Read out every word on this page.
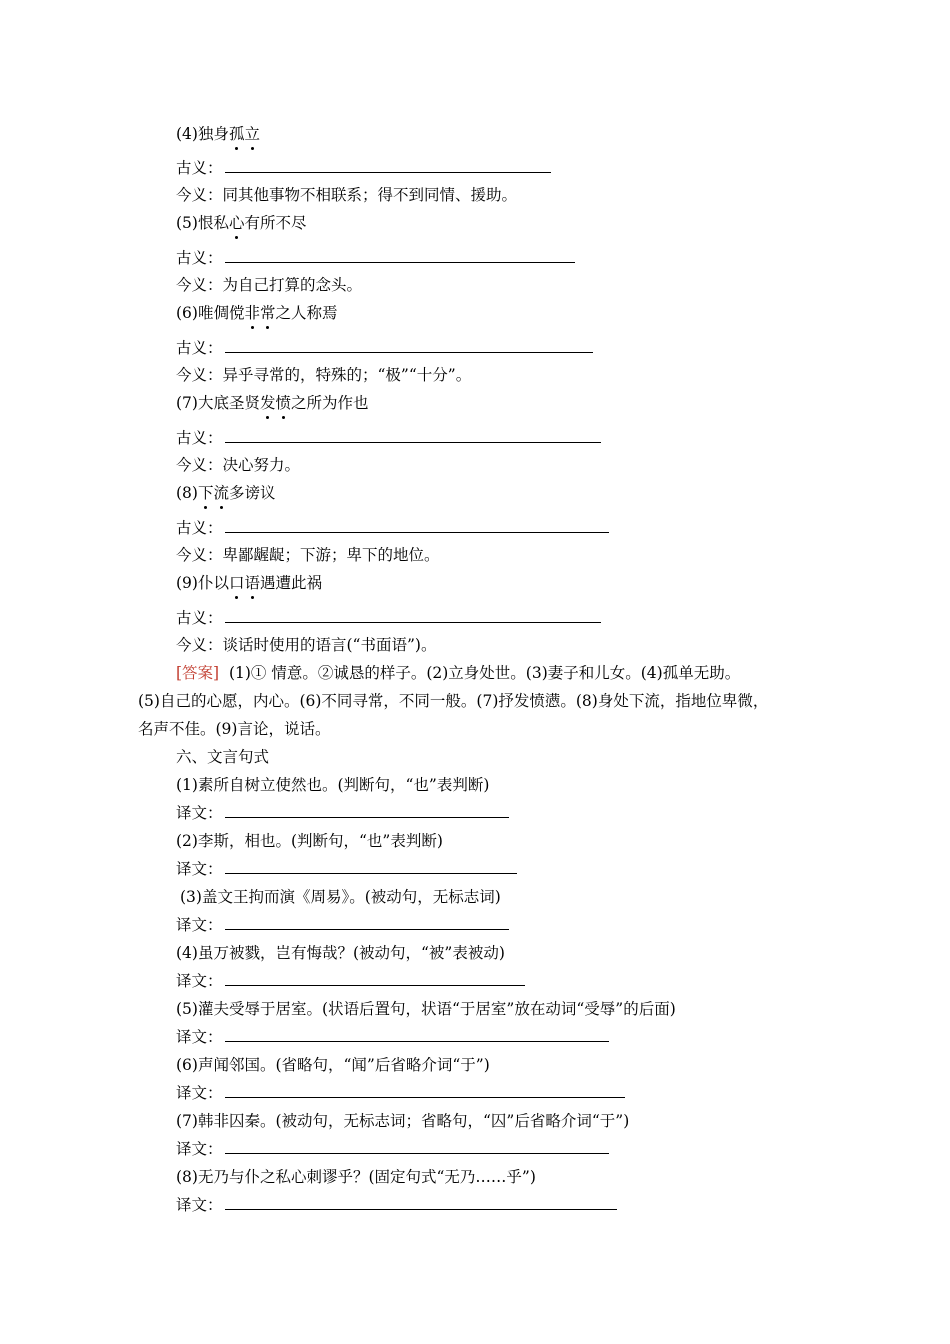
(4)独身孤立
古义：
今义：同其他事物不相联系；得不到同情、援助。
(5)恨私心有所不尽
古义：
今义：为自己打算的念头。
(6)唯倜傥非常之人称焉
古义：
今义：异乎寻常的，特殊的；“极”“十分”。
(7)大底圣贤发愤之所为作也
古义：
今义：决心努力。
(8)下流多谤议
古义：
今义：卑鄙龌龊；下游；卑下的地位。
(9)仆以口语遇遭此祸
古义：
今义：谈话时使用的语言(“书面语”)。
[答案] (1)① 情意。②诚恳的样子。(2)立身处世。(3)妻子和儿女。(4)孤单无助。
(5)自己的心愿，内心。(6)不同寻常，不同一般。(7)抒发愤懑。(8)身处下流，指地位卑微，
名声不佳。(9)言论，说话。
六、文言句式
(1)素所自树立使然也。(判断句，“也”表判断)
译文：
(2)李斯，相也。(判断句，“也”表判断)
译文：
(3)盖文王拘而演《周易》。(被动句，无标志词)
译文：
(4)虽万被戮，岂有悔哉？(被动句，“被”表被动)
译文：
(5)灌夫受辱于居室。(状语后置句，状语“于居室”放在动词“受辱”的后面)
译文：
(6)声闻邻国。(省略句，“闻”后省略介词“于”)
译文：
(7)韩非囚秦。(被动句，无标志词；省略句，“囚”后省略介词“于”)
译文：
(8)无乃与仆之私心刺谬乎？(固定句式“无乃……乎”)
译文：
